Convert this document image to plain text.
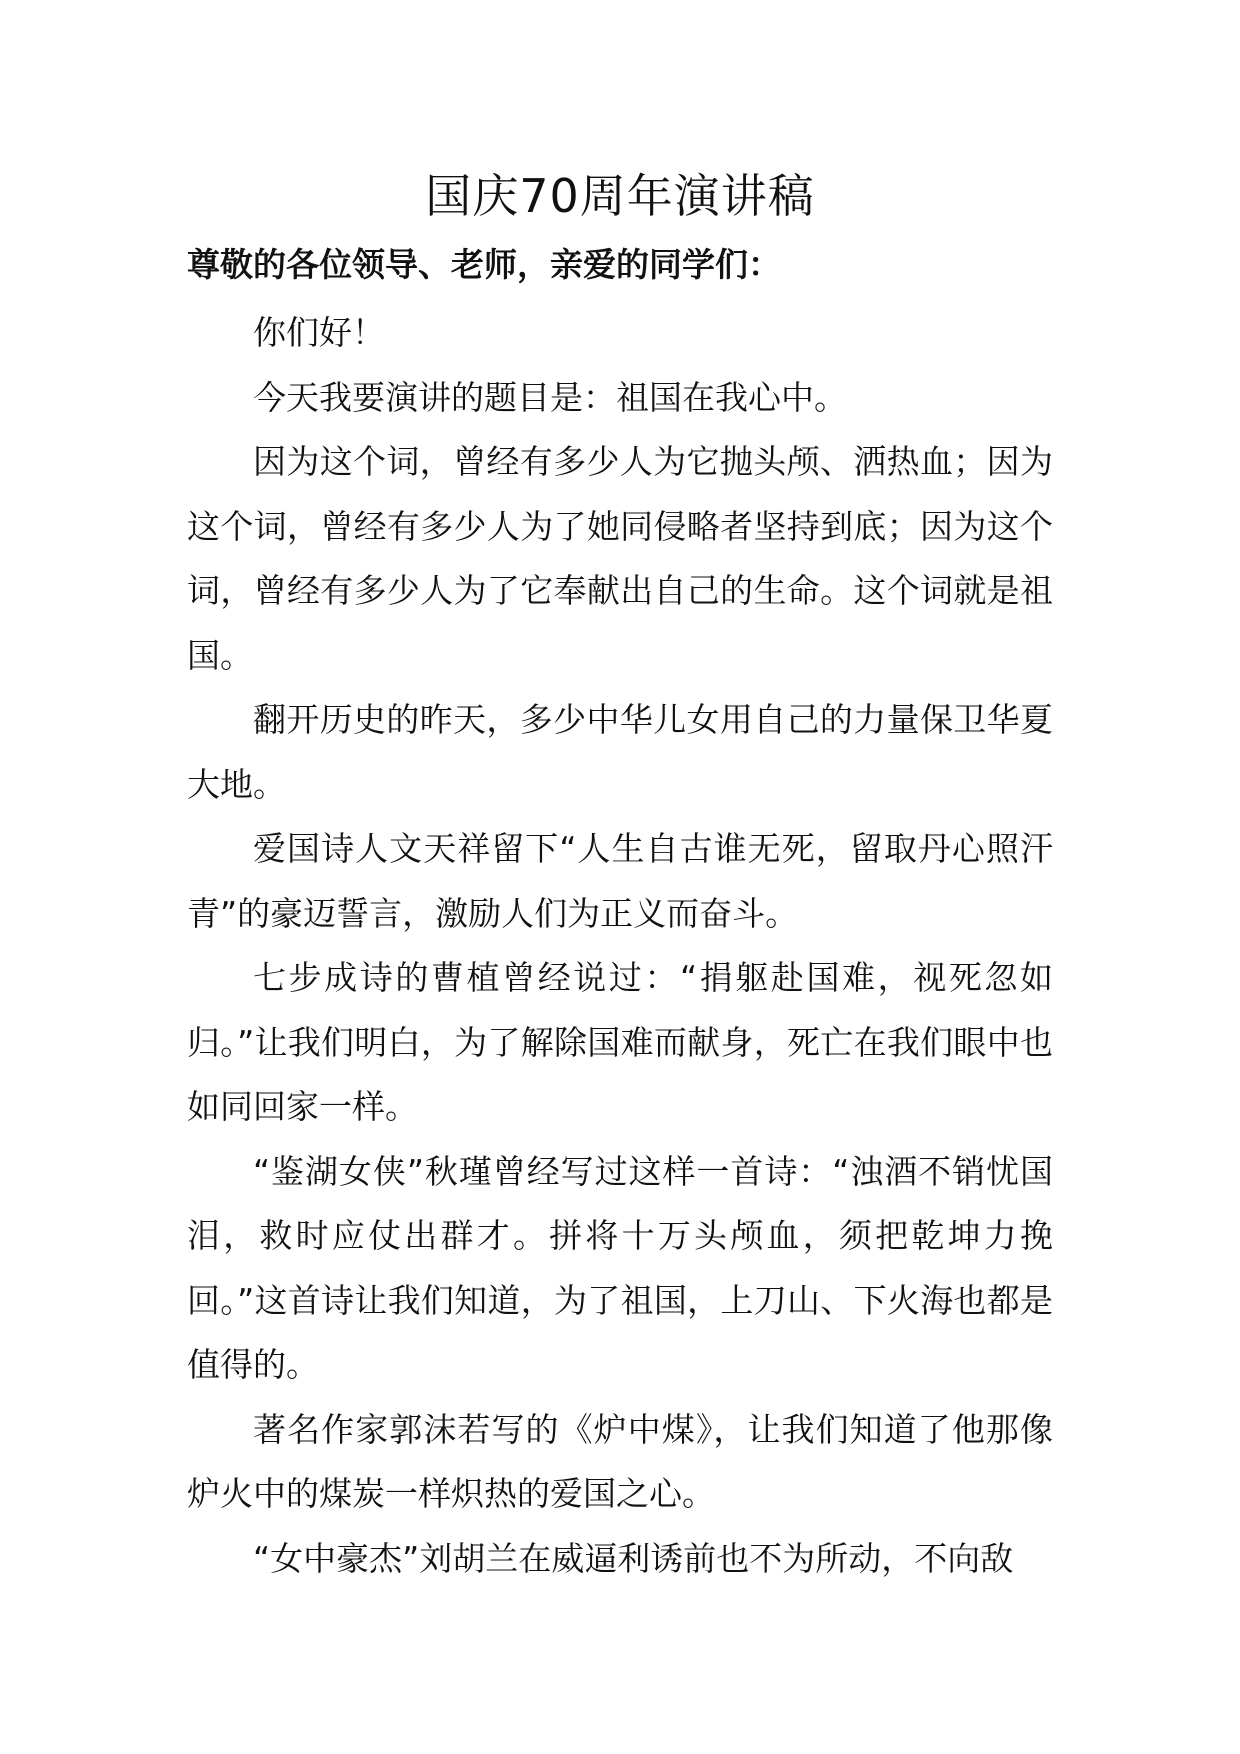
国庆70周年演讲稿

尊敬的各位领导、老师，亲爱的同学们：

你们好！

今天我要演讲的题目是：祖国在我心中。

因为这个词，曾经有多少人为它抛头颅、洒热血；因为这个词，曾经有多少人为了她同侵略者坚持到底；因为这个词，曾经有多少人为了它奉献出自己的生命。这个词就是祖国。

翻开历史的昨天，多少中华儿女用自己的力量保卫华夏大地。

爱国诗人文天祥留下“人生自古谁无死，留取丹心照汗青”的豪迈誓言，激励人们为正义而奋斗。

七步成诗的曹植曾经说过：“捐躯赴国难，视死忽如归。”让我们明白，为了解除国难而献身，死亡在我们眼中也如同回家一样。

“鉴湖女侠”秋瑾曾经写过这样一首诗：“浊酒不销忧国泪，救时应仗出群才。拼将十万头颅血，须把乾坤力挽回。”这首诗让我们知道，为了祖国，上刀山、下火海也都是值得的。

著名作家郭沫若写的《炉中煤》，让我们知道了他那像炉火中的煤炭一样炽热的爱国之心。

“女中豪杰”刘胡兰在威逼利诱前也不为所动，不向敌
